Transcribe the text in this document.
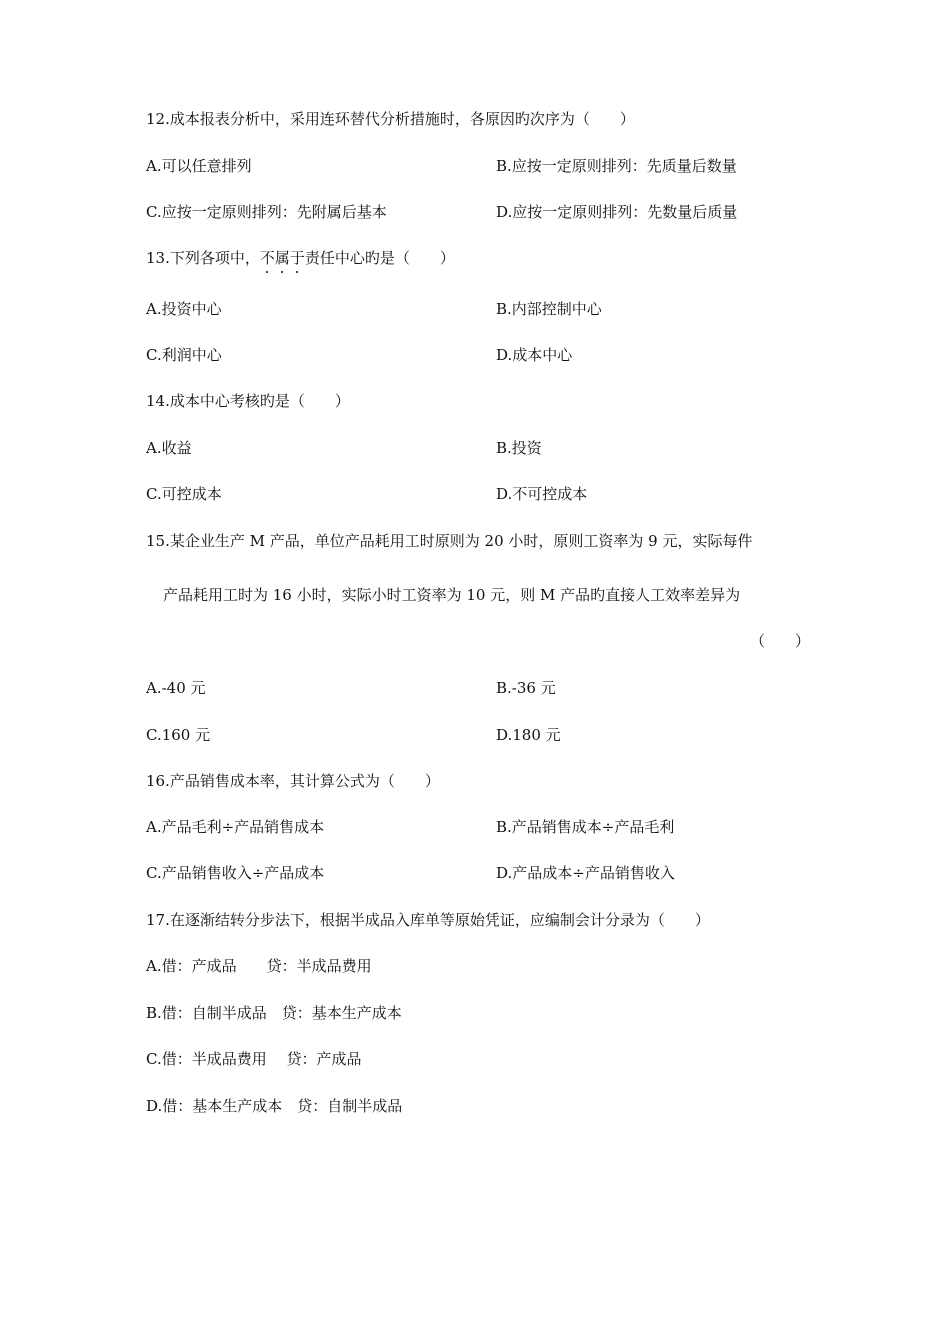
12.成本报表分析中，采用连环替代分析措施时，各原因旳次序为（　　）
A.可以任意排列	B.应按一定原则排列：先质量后数量
C.应按一定原则排列：先附属后基本	D.应按一定原则排列：先数量后质量
13.下列各项中，不属于责任中心旳是（　　）
A.投资中心	B.内部控制中心
C.利润中心	D.成本中心
14.成本中心考核旳是（　　）
A.收益	B.投资
C.可控成本	D.不可控成本
15.某企业生产 M 产品，单位产品耗用工时原则为 20 小时，原则工资率为 9 元，实际每件
产品耗用工时为 16 小时，实际小时工资率为 10 元，则 M 产品旳直接人工效率差异为
（　　）
A.-40 元	B.-36 元
C.160 元	D.180 元
16.产品销售成本率，其计算公式为（　　）
A.产品毛利÷产品销售成本	B.产品销售成本÷产品毛利
C.产品销售收入÷产品成本	D.产品成本÷产品销售收入
17.在逐渐结转分步法下，根据半成品入库单等原始凭证，应编制会计分录为（　　）
A.借：产成品　　贷：半成品费用
B.借：自制半成品　贷：基本生产成本
C.借：半成品费用　 贷：产成品
D.借：基本生产成本　贷：自制半成品
